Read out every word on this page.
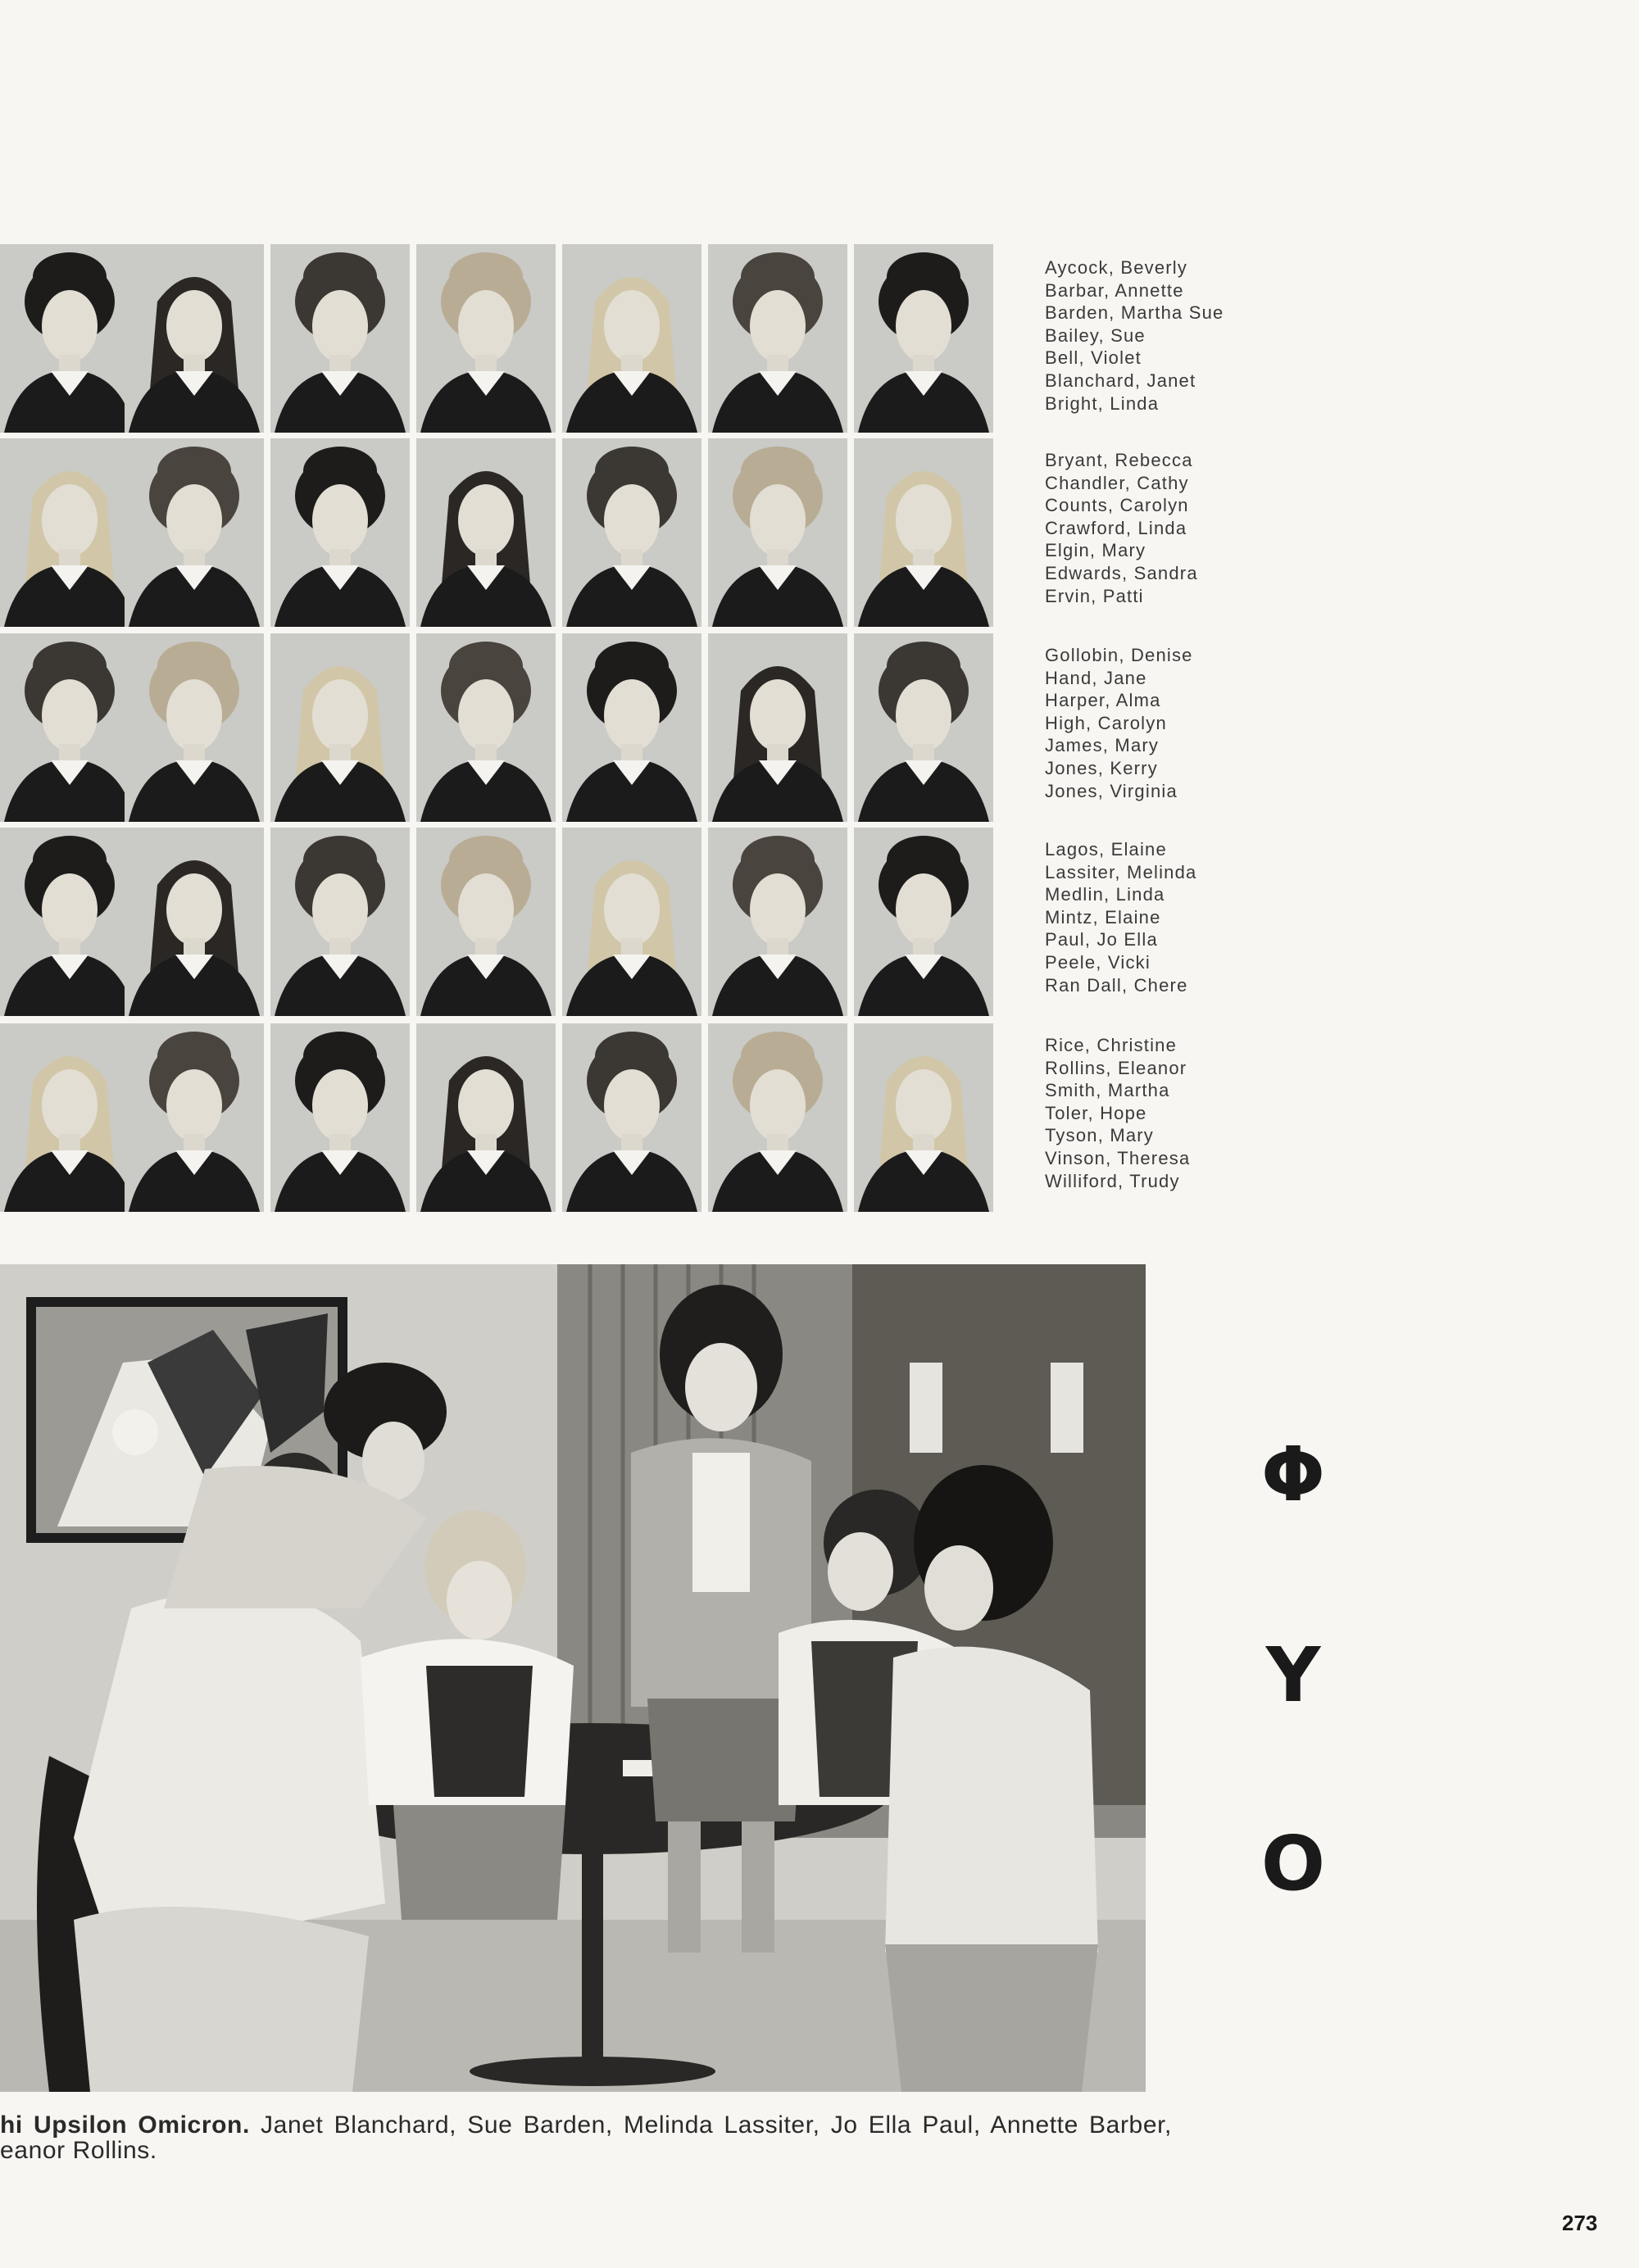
Aycock, Beverly
Barbar, Annette
Barden, Martha Sue
Bailey, Sue
Bell, Violet
Blanchard, Janet
Bright, Linda
Bryant, Rebecca
Chandler, Cathy
Counts, Carolyn
Crawford, Linda
Elgin, Mary
Edwards, Sandra
Ervin, Patti
Gollobin, Denise
Hand, Jane
Harper, Alma
High, Carolyn
James, Mary
Jones, Kerry
Jones, Virginia
Lagos, Elaine
Lassiter, Melinda
Medlin, Linda
Mintz, Elaine
Paul, Jo Ella
Peele, Vicki
Ran Dall, Chere
Rice, Christine
Rollins, Eleanor
Smith, Martha
Toler, Hope
Tyson, Mary
Vinson, Theresa
Williford, Trudy
Φ
Y
O
hi Upsilon Omicron. Janet Blanchard, Sue Barden, Melinda Lassiter, Jo Ella Paul, Annette Barber, eanor Rollins.
273
